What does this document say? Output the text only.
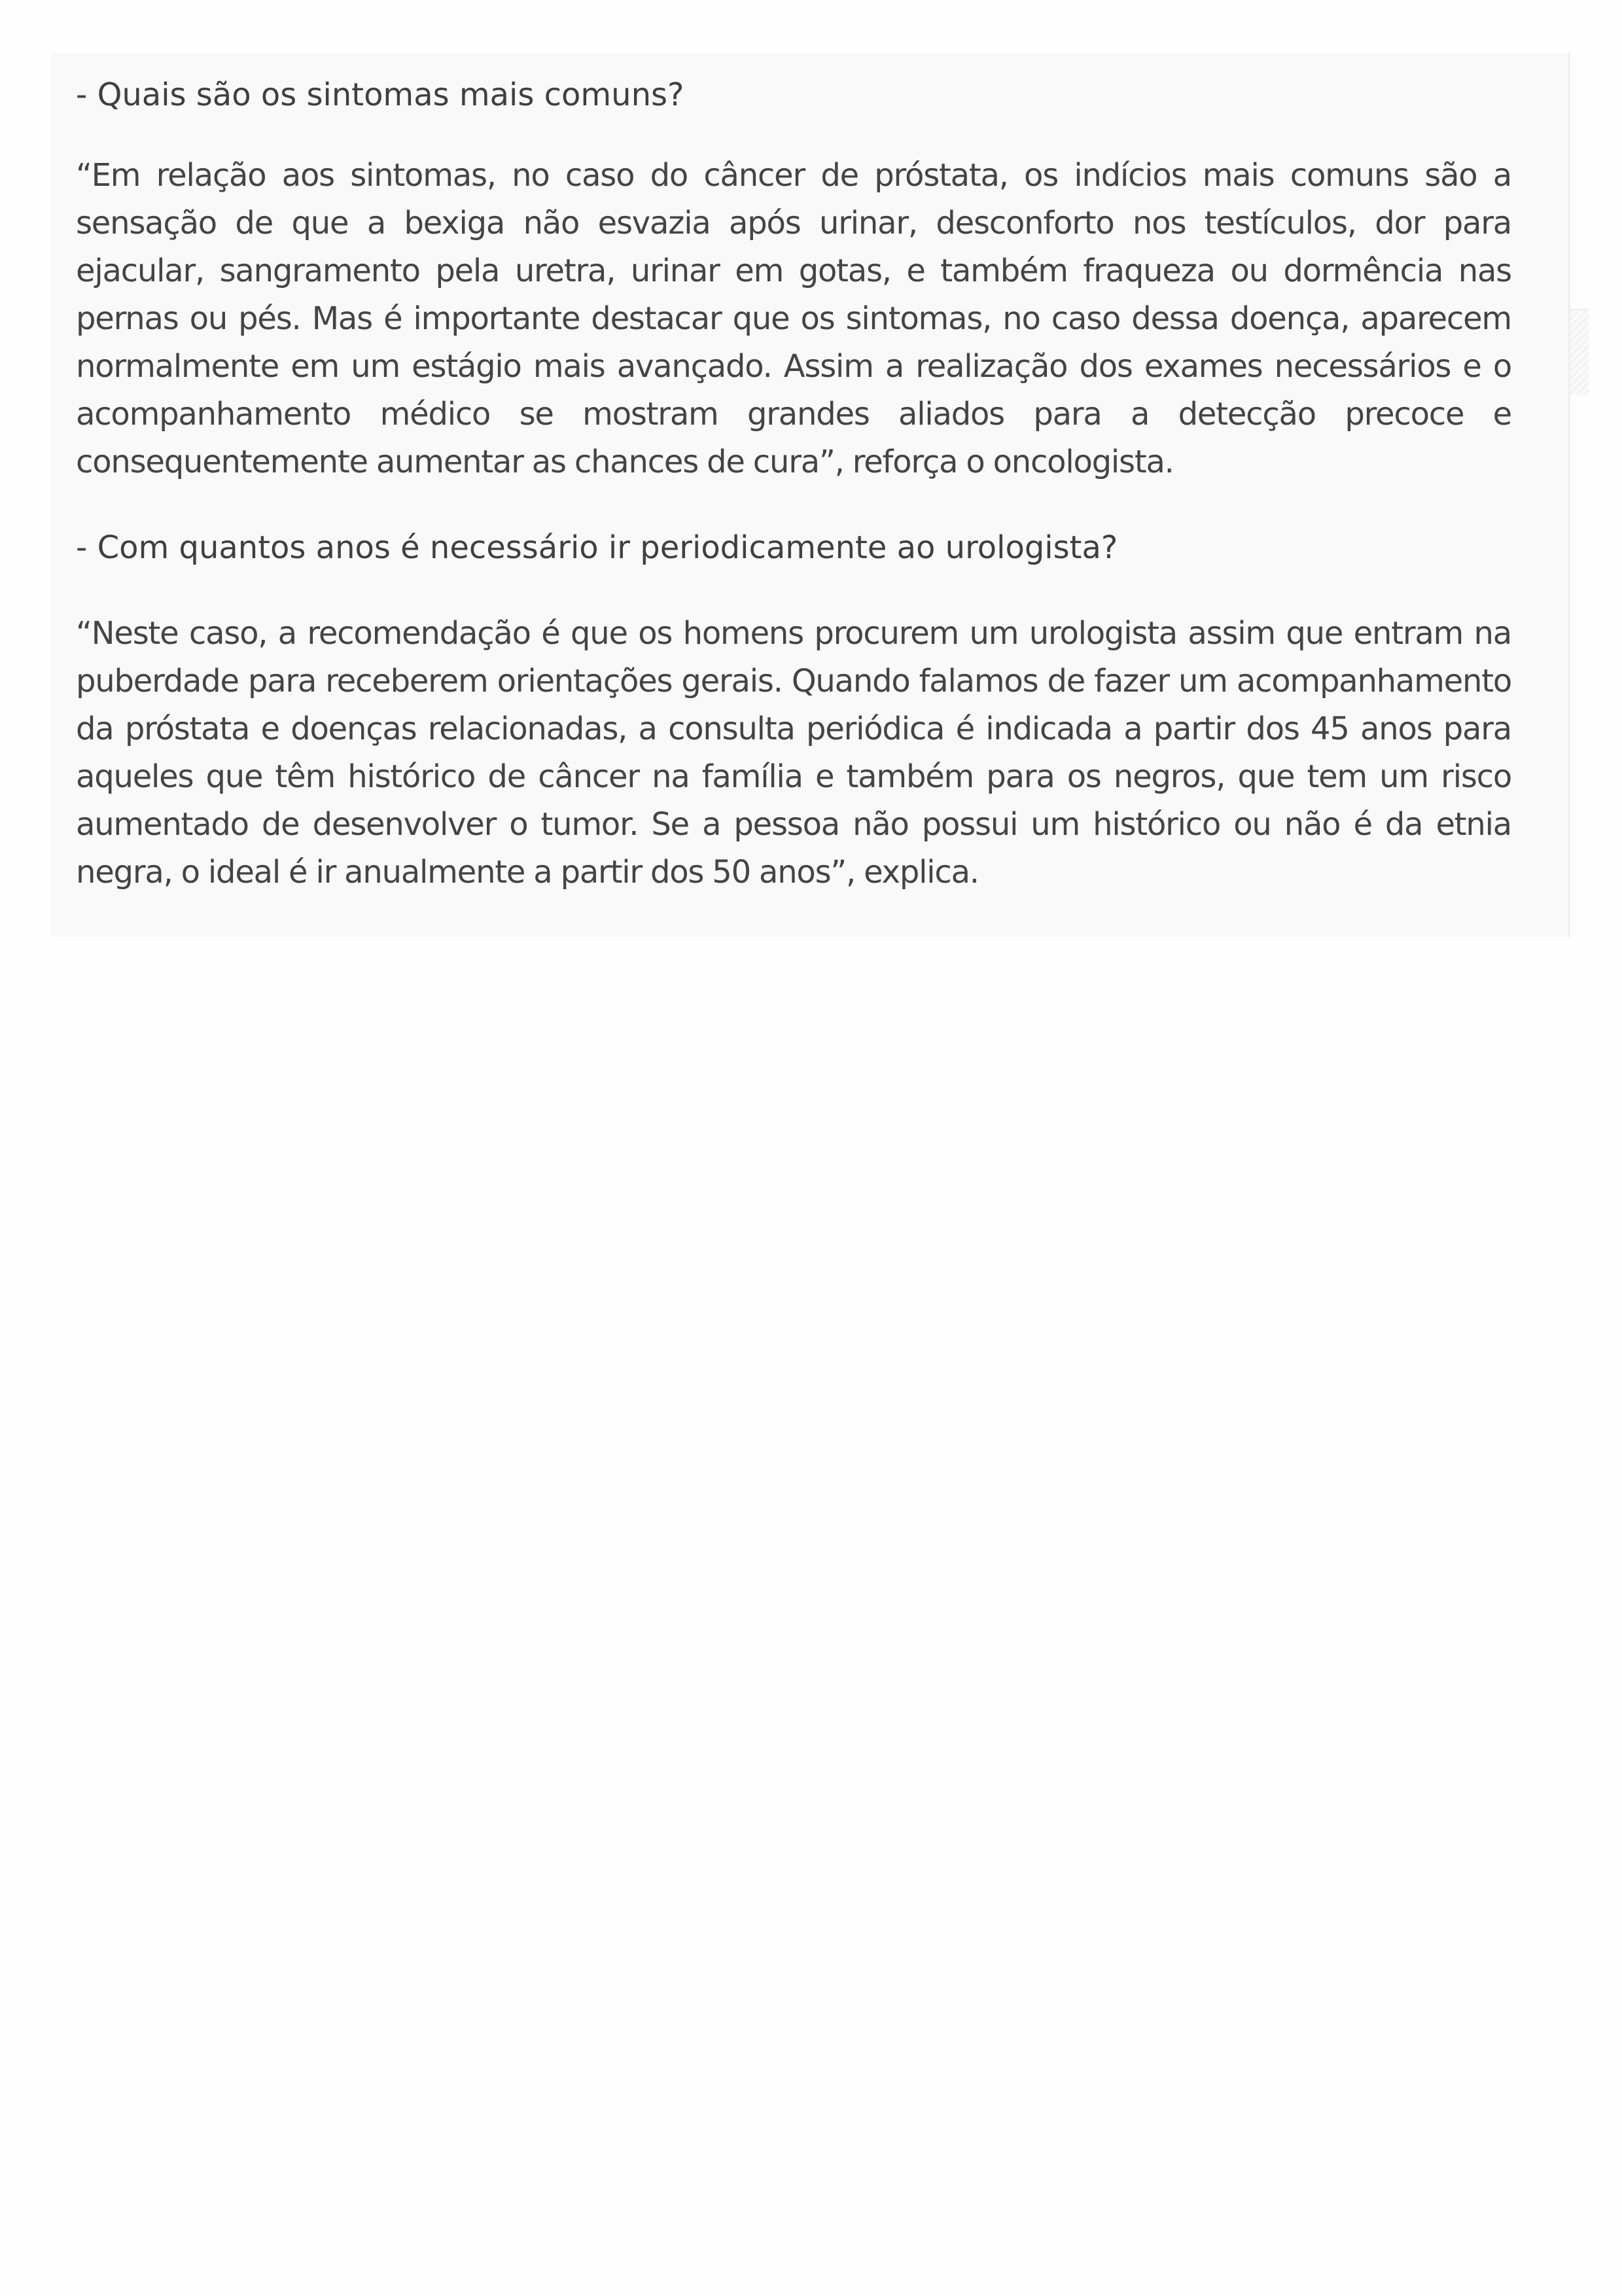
- Quais são os sintomas mais comuns?

“Em relação aos sintomas, no caso do câncer de próstata, os indícios mais comuns são a sensação de que a bexiga não esvazia após urinar, desconforto nos testículos, dor para ejacular, sangramento pela uretra, urinar em gotas, e também fraqueza ou dormência nas pernas ou pés. Mas é importante destacar que os sintomas, no caso dessa doença, aparecem normalmente em um estágio mais avançado. Assim a realização dos exames necessários e o acompanhamento médico se mostram grandes aliados para a detecção precoce e consequentemente aumentar as chances de cura”, reforça o oncologista.

- Com quantos anos é necessário ir periodicamente ao urologista?

“Neste caso, a recomendação é que os homens procurem um urologista assim que entram na puberdade para receberem orientações gerais. Quando falamos de fazer um acompanhamento da próstata e doenças relacionadas, a consulta periódica é indicada a partir dos 45 anos para aqueles que têm histórico de câncer na família e também para os negros, que tem um risco aumentado de desenvolver o tumor. Se a pessoa não possui um histórico ou não é da etnia negra, o ideal é ir anualmente a partir dos 50 anos”, explica.
